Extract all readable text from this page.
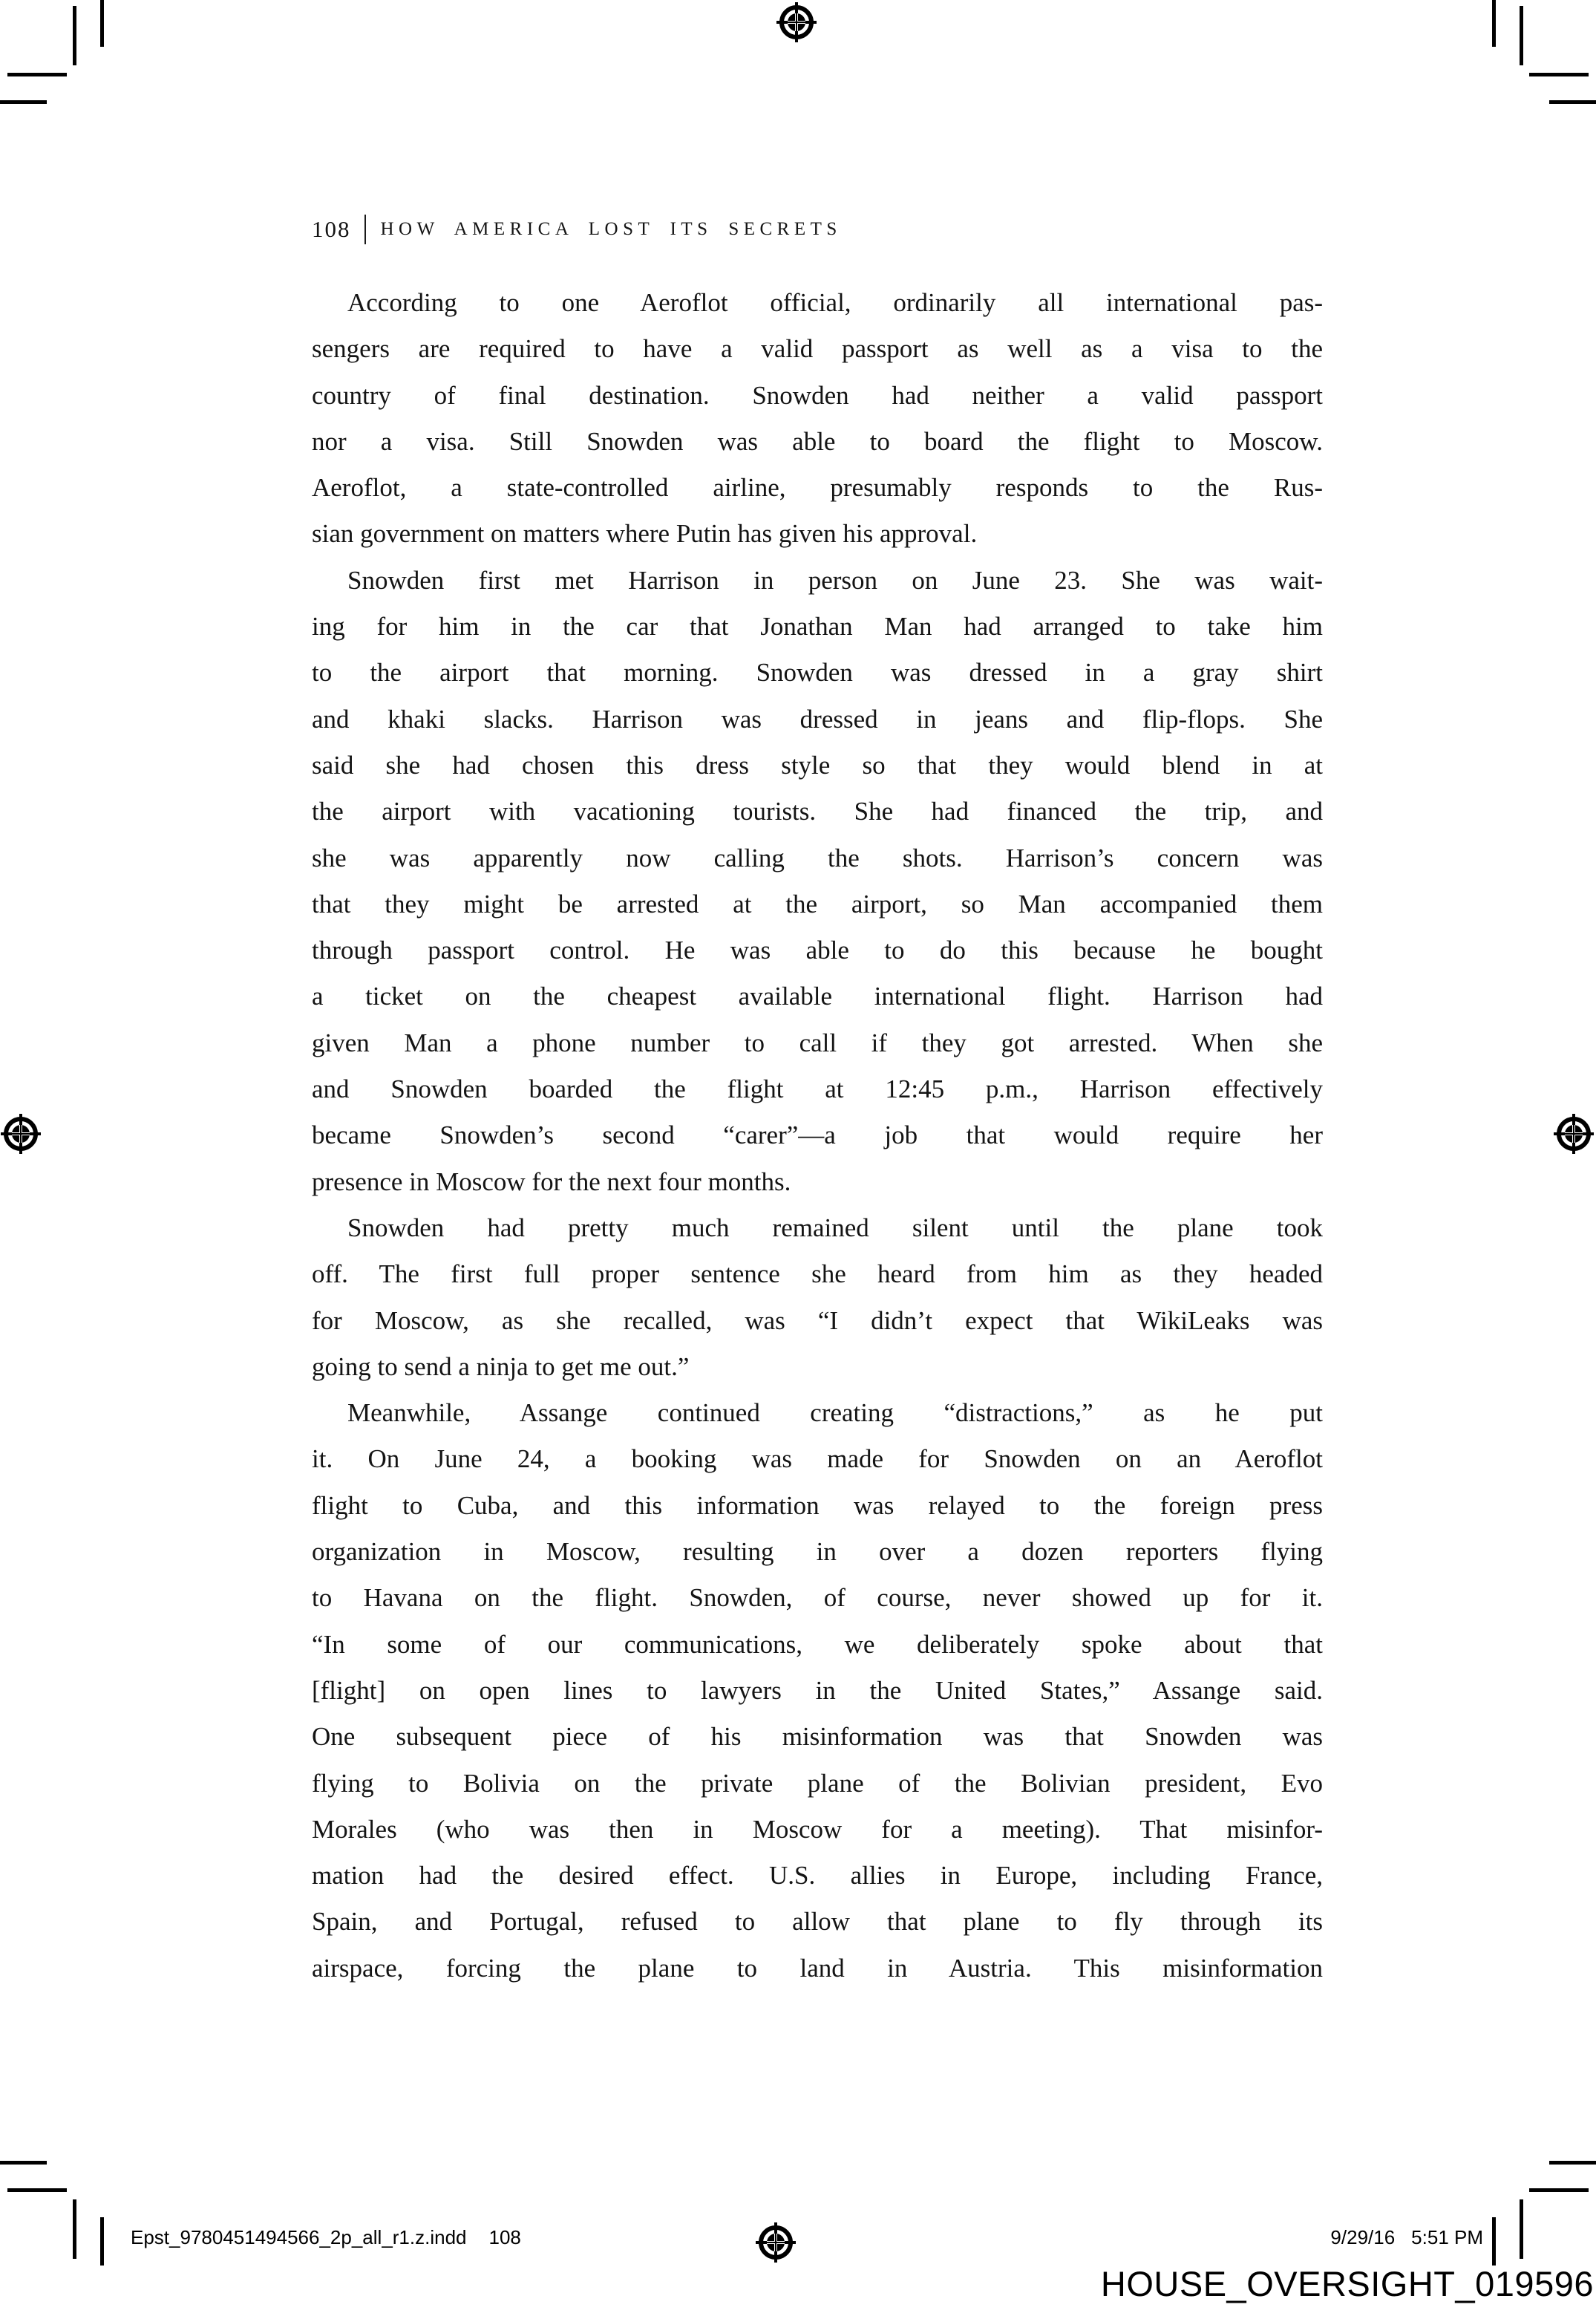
108 HOW AMERICA LOST ITS SECRETS
According to one Aeroflot official, ordinarily all international pas-
sengers are required to have a valid passport as well as a visa to the
country of final destination. Snowden had neither a valid passport
nor a visa. Still Snowden was able to board the flight to Moscow.
Aeroflot, a state-controlled airline, presumably responds to the Rus-
sian government on matters where Putin has given his approval.
Snowden first met Harrison in person on June 23. She was wait-
ing for him in the car that Jonathan Man had arranged to take him
to the airport that morning. Snowden was dressed in a gray shirt
and khaki slacks. Harrison was dressed in jeans and flip-flops. She
said she had chosen this dress style so that they would blend in at
the airport with vacationing tourists. She had financed the trip, and
she was apparently now calling the shots. Harrison’s concern was
that they might be arrested at the airport, so Man accompanied them
through passport control. He was able to do this because he bought
a ticket on the cheapest available international flight. Harrison had
given Man a phone number to call if they got arrested. When she
and Snowden boarded the flight at 12:45 p.m., Harrison effectively
became Snowden’s second “carer”—a job that would require her
presence in Moscow for the next four months.
Snowden had pretty much remained silent until the plane took
off. The first full proper sentence she heard from him as they headed
for Moscow, as she recalled, was “I didn’t expect that WikiLeaks was
going to send a ninja to get me out.”
Meanwhile, Assange continued creating “distractions,” as he put
it. On June 24, a booking was made for Snowden on an Aeroflot
flight to Cuba, and this information was relayed to the foreign press
organization in Moscow, resulting in over a dozen reporters flying
to Havana on the flight. Snowden, of course, never showed up for it.
“In some of our communications, we deliberately spoke about that
[flight] on open lines to lawyers in the United States,” Assange said.
One subsequent piece of his misinformation was that Snowden was
flying to Bolivia on the private plane of the Bolivian president, Evo
Morales (who was then in Moscow for a meeting). That misinfor-
mation had the desired effect. U.S. allies in Europe, including France,
Spain, and Portugal, refused to allow that plane to fly through its
airspace, forcing the plane to land in Austria. This misinformation
Epst_9780451494566_2p_all_r1.z.indd 108	9/29/16 5:51 PM
HOUSE_OVERSIGHT_019596
